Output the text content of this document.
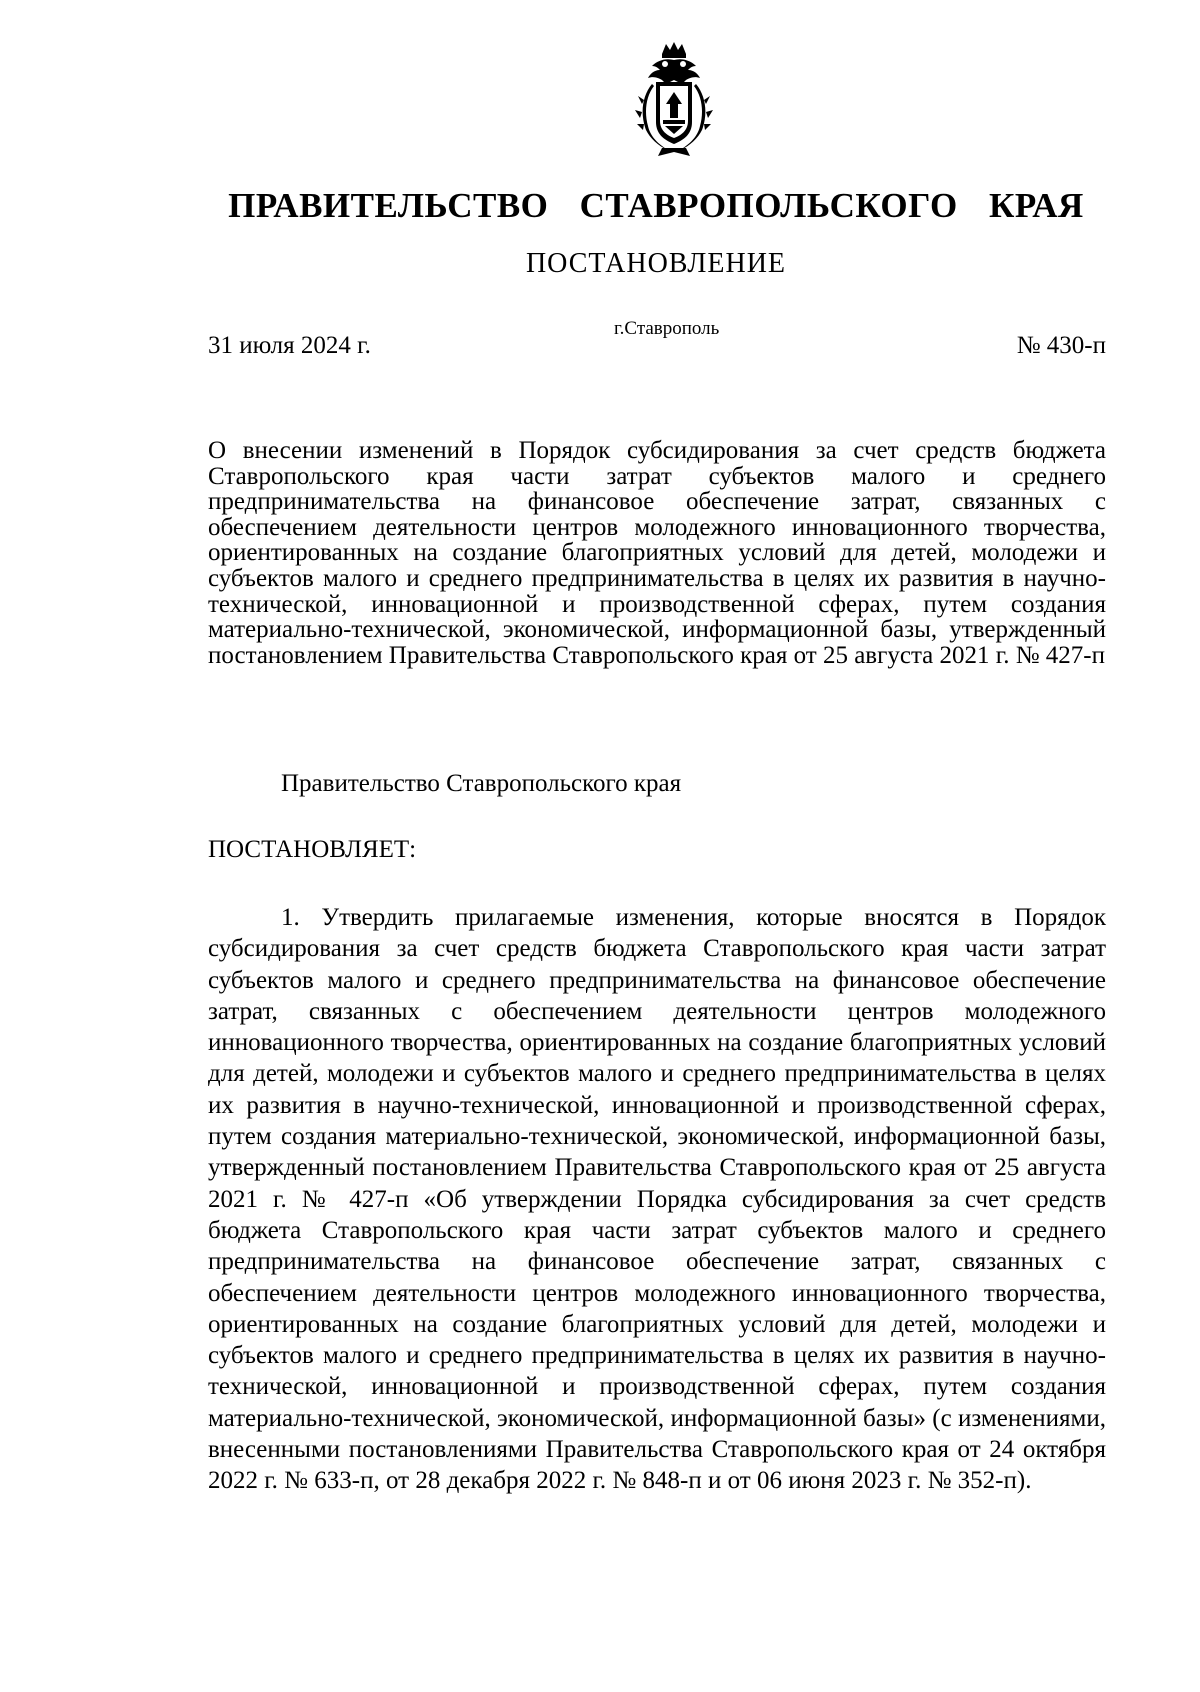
ПРАВИТЕЛЬСТВО СТАВРОПОЛЬСКОГО КРАЯ
ПОСТАНОВЛЕНИЕ
31 июля 2024 г.
г.Ставрополь
№ 430-п
О внесении изменений в Порядок субсидирования за счет средств бюджета Ставропольского края части затрат субъектов малого и среднего предпринимательства на финансовое обеспечение затрат, связанных с обеспечением деятельности центров молодежного инновационного творчества, ориентированных на создание благоприятных условий для детей, молодежи и субъектов малого и среднего предпринимательства в целях их развития в научно-технической, инновационной и производственной сферах, путем создания материально-технической, экономической, информационной базы, утвержденный постановлением Правительства Ставропольского края от 25 августа 2021 г. № 427-п
Правительство Ставропольского края
ПОСТАНОВЛЯЕТ:

1. Утвердить прилагаемые изменения, которые вносятся в Порядок субсидирования за счет средств бюджета Ставропольского края части затрат субъектов малого и среднего предпринимательства на финансовое обеспечение затрат, связанных с обеспечением деятельности центров молодежного инновационного творчества, ориентированных на создание благоприятных условий для детей, молодежи и субъектов малого и среднего предпринимательства в целях их развития в научно-технической, инновационной и производственной сферах, путем создания материально-технической, экономической, информационной базы, утвержденный постановлением Правительства Ставропольского края от 25 августа 2021 г. № 427-п «Об утверждении Порядка субсидирования за счет средств бюджета Ставропольского края части затрат субъектов малого и среднего предпринимательства на финансовое обеспечение затрат, связанных с обеспечением деятельности центров молодежного инновационного творчества, ориентированных на создание благоприятных условий для детей, молодежи и субъектов малого и среднего предпринимательства в целях их развития в научно-технической, инновационной и производственной сферах, путем создания материально-технической, экономической, информационной базы» (с изменениями, внесенными постановлениями Правительства Ставропольского края от 24 октября 2022 г. № 633-п, от 28 декабря 2022 г. № 848-п и от 06 июня 2023 г. № 352-п).
